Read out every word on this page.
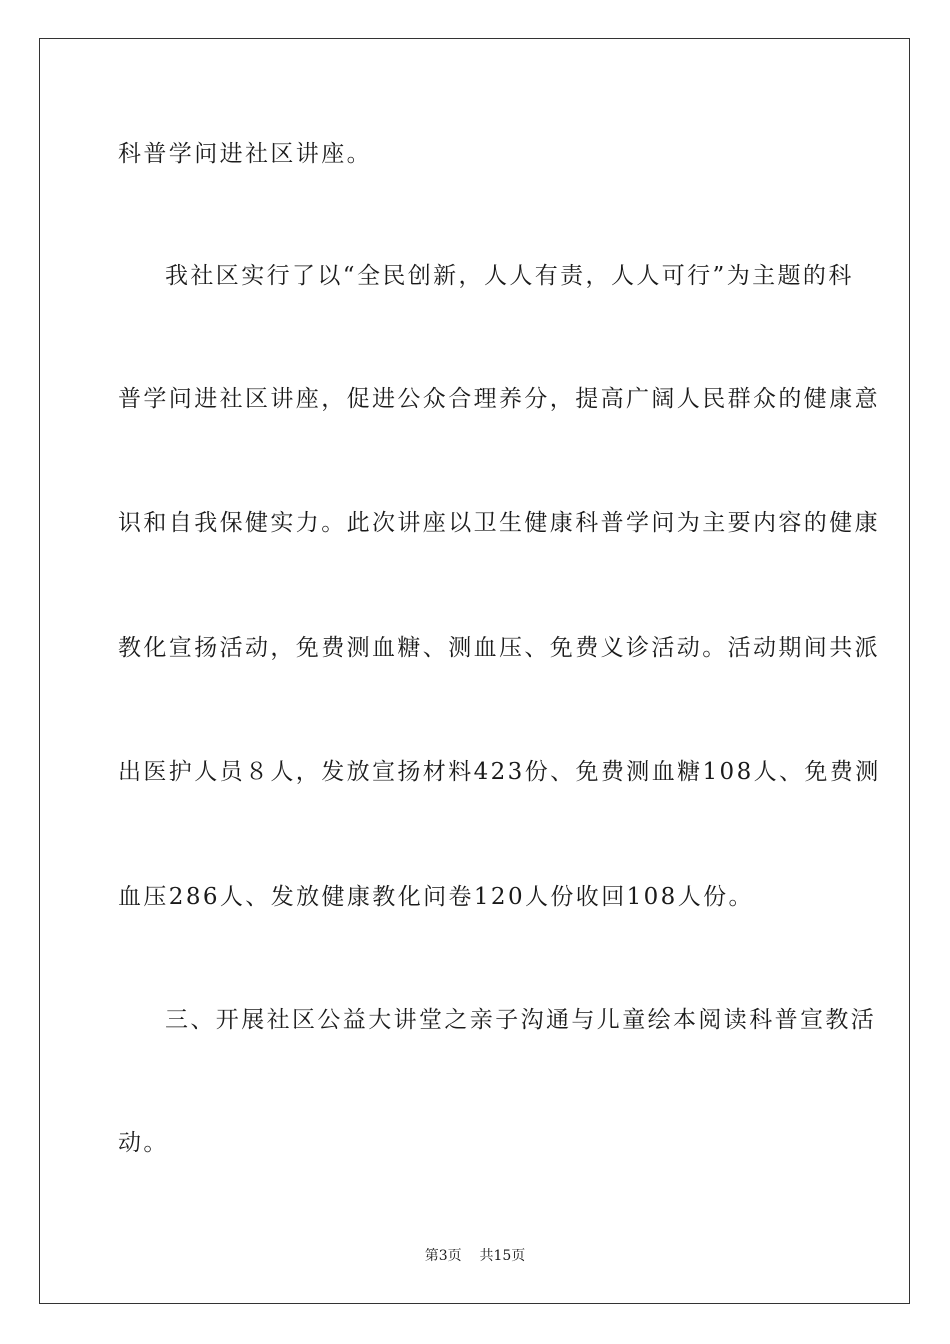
科普学问进社区讲座。
我社区实行了以“全民创新，人人有责，人人可行”为主题的科
普学问进社区讲座，促进公众合理养分，提高广阔人民群众的健康意
识和自我保健实力。此次讲座以卫生健康科普学问为主要内容的健康
教化宣扬活动，免费测血糖、测血压、免费义诊活动。活动期间共派
出医护人员８人，发放宣扬材料423份、免费测血糖108人、免费测
血压286人、发放健康教化问卷120人份收回108人份。
三、开展社区公益大讲堂之亲子沟通与儿童绘本阅读科普宣教活
动。
第3页    共15页
